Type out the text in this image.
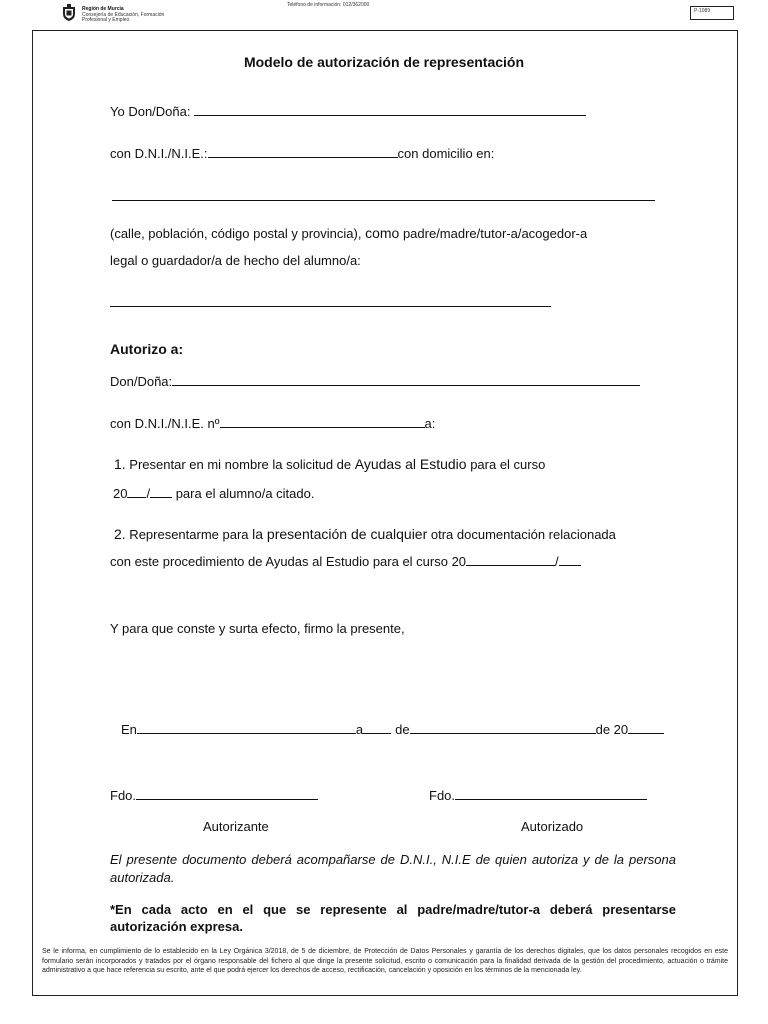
Región de Murcia
Consejería de Educación, Formación
Profesional y Empleo
Teléfono de información: 012/362000
P-1089
Modelo de autorización de representación
Yo Don/Doña:
con D.N.I./N.I.E.:	con domicilio en:
(calle, población, código postal y provincia), como padre/madre/tutor-a/acogedor-a
legal o guardador/a de hecho del alumno/a:
Autorizo a:
Don/Doña:
con D.N.I./N.I.E. nº	a:
1. Presentar en mi nombre la solicitud de Ayudas al Estudio para el curso
20 / para el alumno/a citado.
2. Representarme para la presentación de cualquier otra documentación relacionada
con este procedimiento de Ayudas al Estudio para el curso 20	/
Y para que conste y surta efecto, firmo la presente,
En	a de	de 20
Fdo.	Fdo.
Autorizante	Autorizado
El presente documento deberá acompañarse de D.N.I., N.I.E de quien autoriza y de la persona autorizada.
*En cada acto en el que se represente al padre/madre/tutor-a deberá presentarse autorización expresa.
Se le informa, en cumplimiento de lo establecido en la Ley Orgánica 3/2018, de 5 de diciembre, de Protección de Datos Personales y garantía de los derechos digitales, que los datos personales recogidos en este formulario serán incorporados y tratados por el órgano responsable del fichero al que dirige la presente solicitud, escrito o comunicación para la finalidad derivada de la gestión del procedimiento, actuación o trámite administrativo a que hace referencia su escrito, ante el que podrá ejercer los derechos de acceso, rectificación, cancelación y oposición en los términos de la mencionada ley.
